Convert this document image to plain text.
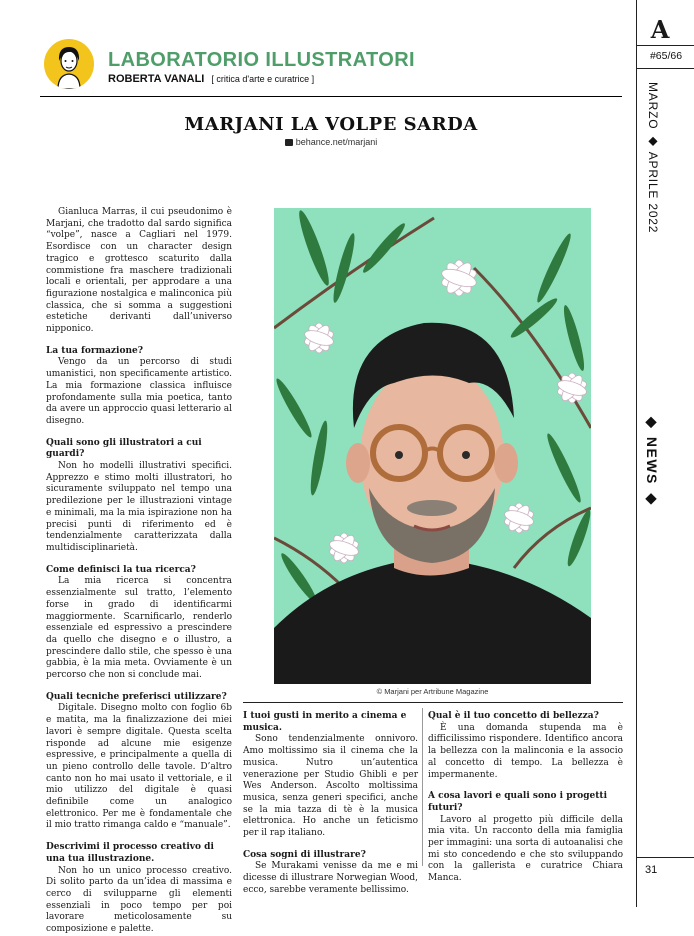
LABORATORIO ILLUSTRATORI
ROBERTA VANALI [ critica d'arte e curatrice ]
A
#65/66
MARZO ◆ APRILE 2022
◆ NEWS ◆
31
MARJANI LA VOLPE SARDA
behance.net/marjani

Gianluca Marras, il cui pseudonimo è Marjani, che tradotto dal sardo significa “volpe”, nasce a Cagliari nel 1979. Esordisce con un character design tragico e grottesco scaturito dalla commistione fra maschere tradizionali locali e orientali, per approdare a una figurazione nostalgica e malinconica più classica, che si somma a suggestioni estetiche derivanti dall’universo nipponico.

La tua formazione?

Vengo da un percorso di studi umanistici, non specificamente artistico. La mia formazione classica influisce profondamente sulla mia poetica, tanto da avere un approccio quasi letterario al disegno.

Quali sono gli illustratori a cui guardi?

Non ho modelli illustrativi specifici. Apprezzo e stimo molti illustratori, ho sicuramente sviluppato nel tempo una predilezione per le illustrazioni vintage e minimali, ma la mia ispirazione non ha precisi punti di riferimento ed è tendenzialmente caratterizzata dalla multidisciplinarietà.

Come definisci la tua ricerca?

La mia ricerca si concentra essenzialmente sul tratto, l’elemento forse in grado di identificarmi maggiormente. Scarnificarlo, renderlo essenziale ed espressivo a prescindere da quello che disegno e o illustro, a prescindere dallo stile, che spesso è una gabbia, è la mia meta. Ovviamente è un percorso che non si conclude mai.

Quali tecniche preferisci utilizzare?

Digitale. Disegno molto con foglio 6b e matita, ma la finalizzazione dei miei lavori è sempre digitale. Questa scelta risponde ad alcune mie esigenze espressive, e principalmente a quella di un pieno controllo delle tavole. D’altro canto non ho mai usato il vettoriale, e il mio utilizzo del digitale è quasi definibile come un analogico elettronico. Per me è fondamentale che il mio tratto rimanga caldo e “manuale”.

Descrivimi il processo creativo di una tua illustrazione.

Non ho un unico processo creativo. Di solito parto da un’idea di massima e cerco di svilupparne gli elementi essenziali in poco tempo per poi lavorare meticolosamente su composizione e palette.

© Marjani per Artribune Magazine
I tuoi gusti in merito a cinema e musica.

Sono tendenzialmente onnivoro. Amo moltissimo sia il cinema che la musica. Nutro un’autentica venerazione per Studio Ghibli e per Wes Anderson. Ascolto moltissima musica, senza generi specifici, anche se la mia tazza di tè è la musica elettronica. Ho anche un feticismo per il rap italiano.

Cosa sogni di illustrare?

Se Murakami venisse da me e mi dicesse di illustrare Norwegian Wood, ecco, sarebbe veramente bellissimo.

Qual è il tuo concetto di bellezza?

È una domanda stupenda ma è difficilissimo rispondere. Identifico ancora la bellezza con la malinconia e la associo al concetto di tempo. La bellezza è impermanente.

A cosa lavori e quali sono i progetti futuri?

Lavoro al progetto più difficile della mia vita. Un racconto della mia famiglia per immagini: una sorta di autoanalisi che mi sto concedendo e che sto sviluppando con la gallerista e curatrice Chiara Manca.
